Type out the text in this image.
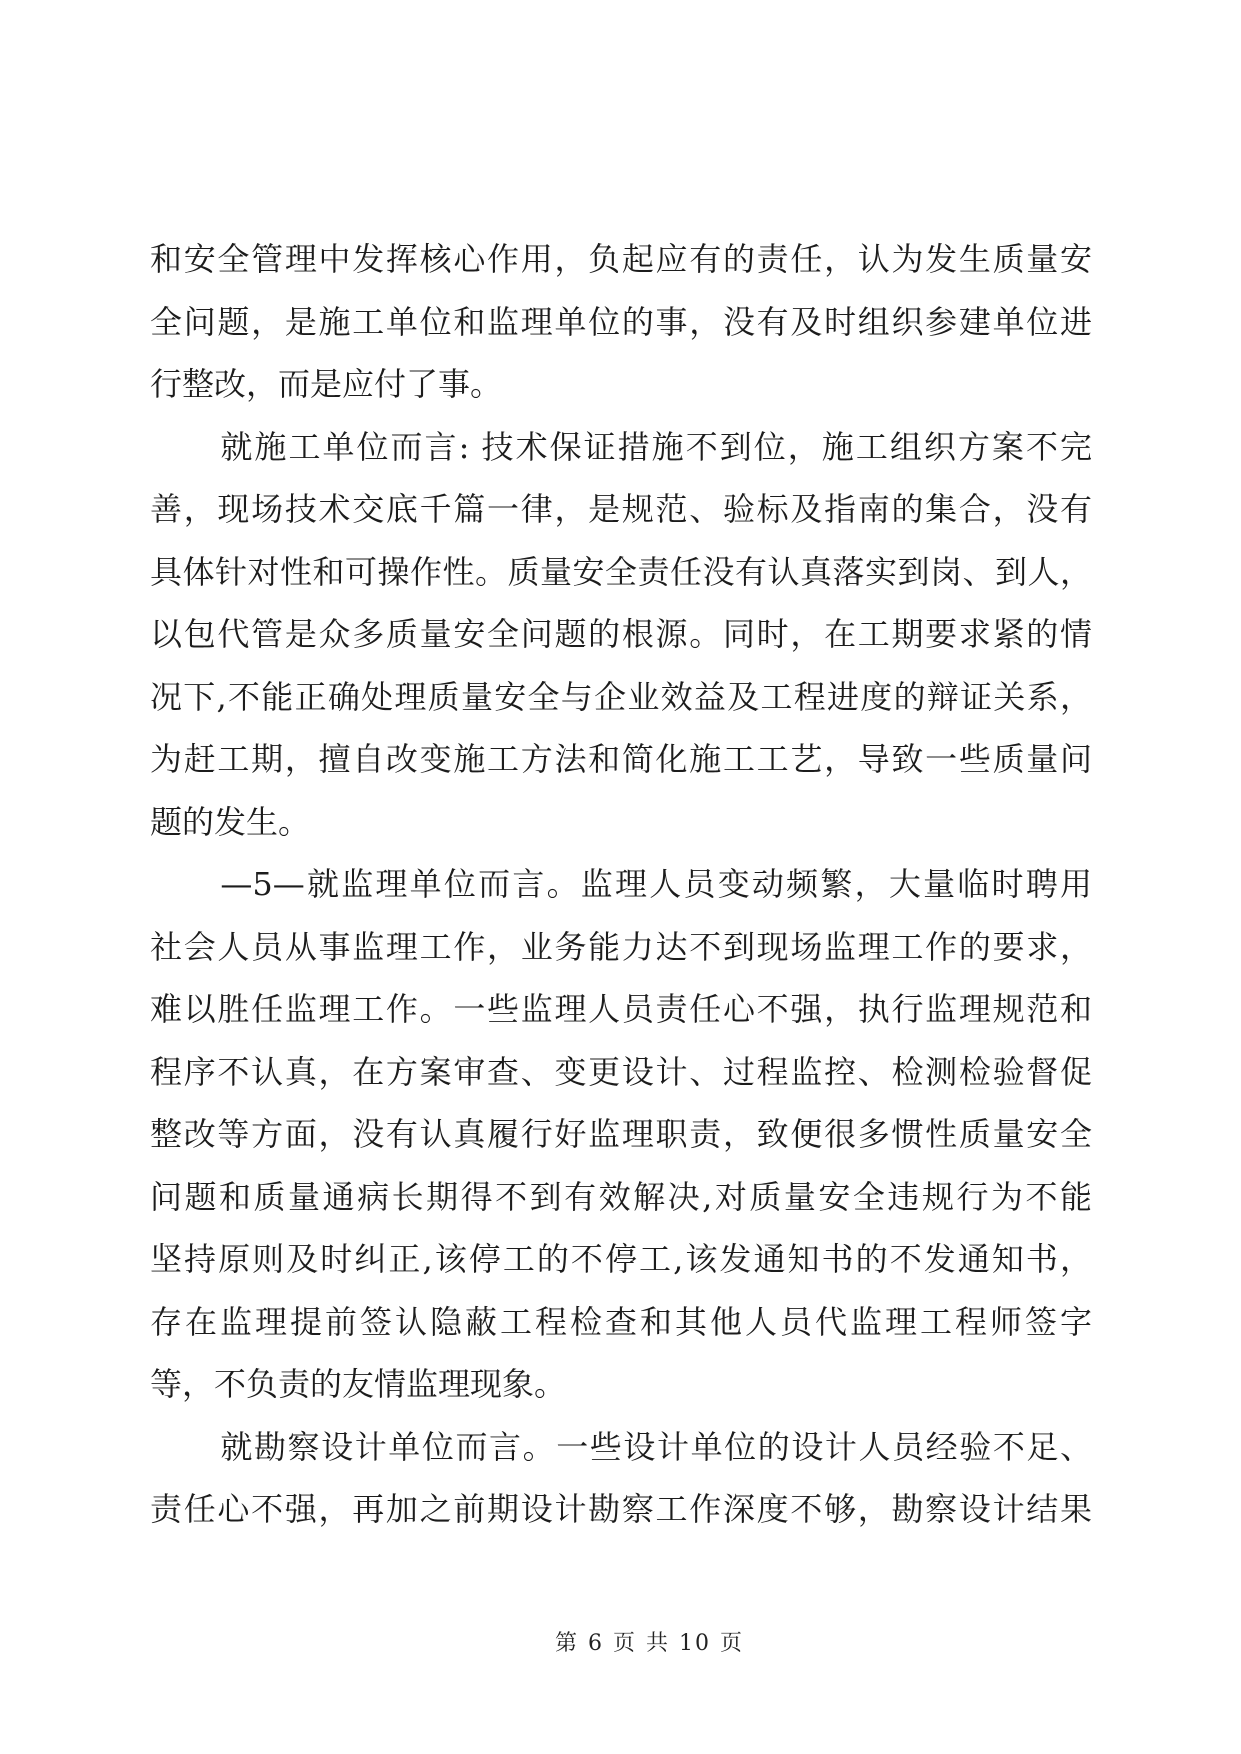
和安全管理中发挥核心作用，负起应有的责任，认为发生质量安
全问题，是施工单位和监理单位的事，没有及时组织参建单位进
行整改，而是应付了事。
就施工单位而言: 技术保证措施不到位，施工组织方案不完
善，现场技术交底千篇一律，是规范、验标及指南的集合，没有
具体针对性和可操作性。质量安全责任没有认真落实到岗、到人，
以包代管是众多质量安全问题的根源。同时，在工期要求紧的情
况下,不能正确处理质量安全与企业效益及工程进度的辩证关系，
为赶工期，擅自改变施工方法和简化施工工艺，导致一些质量问
题的发生。
—5—就监理单位而言。监理人员变动频繁，大量临时聘用
社会人员从事监理工作，业务能力达不到现场监理工作的要求，
难以胜任监理工作。一些监理人员责任心不强，执行监理规范和
程序不认真，在方案审查、变更设计、过程监控、检测检验督促
整改等方面，没有认真履行好监理职责，致便很多惯性质量安全
问题和质量通病长期得不到有效解决,对质量安全违规行为不能
坚持原则及时纠正,该停工的不停工,该发通知书的不发通知书，
存在监理提前签认隐蔽工程检查和其他人员代监理工程师签字
等，不负责的友情监理现象。
就勘察设计单位而言。一些设计单位的设计人员经验不足、
责任心不强，再加之前期设计勘察工作深度不够，勘察设计结果
第 6 页 共 10 页
